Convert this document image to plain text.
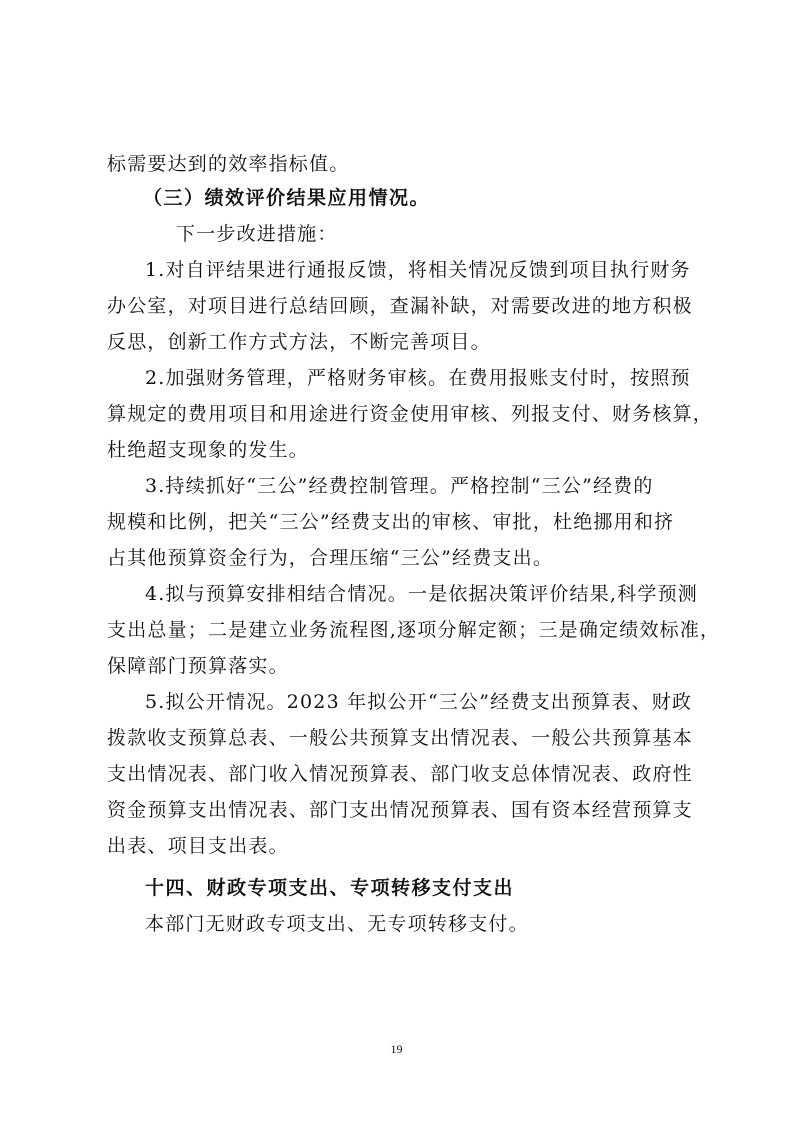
标需要达到的效率指标值。
（三）绩效评价结果应用情况。
下一步改进措施：
1.对自评结果进行通报反馈，将相关情况反馈到项目执行财务
办公室，对项目进行总结回顾，查漏补缺，对需要改进的地方积极
反思，创新工作方式方法，不断完善项目。
2.加强财务管理，严格财务审核。在费用报账支付时，按照预
算规定的费用项目和用途进行资金使用审核、列报支付、财务核算，
杜绝超支现象的发生。
3.持续抓好“三公”经费控制管理。严格控制“三公”经费的
规模和比例，把关“三公”经费支出的审核、审批，杜绝挪用和挤
占其他预算资金行为，合理压缩“三公”经费支出。
4.拟与预算安排相结合情况。一是依据决策评价结果,科学预测
支出总量；二是建立业务流程图,逐项分解定额；三是确定绩效标准，
保障部门预算落实。
5.拟公开情况。2023 年拟公开“三公”经费支出预算表、财政
拨款收支预算总表、一般公共预算支出情况表、一般公共预算基本
支出情况表、部门收入情况预算表、部门收支总体情况表、政府性
资金预算支出情况表、部门支出情况预算表、国有资本经营预算支
出表、项目支出表。
十四、财政专项支出、专项转移支付支出
本部门无财政专项支出、无专项转移支付。
19
